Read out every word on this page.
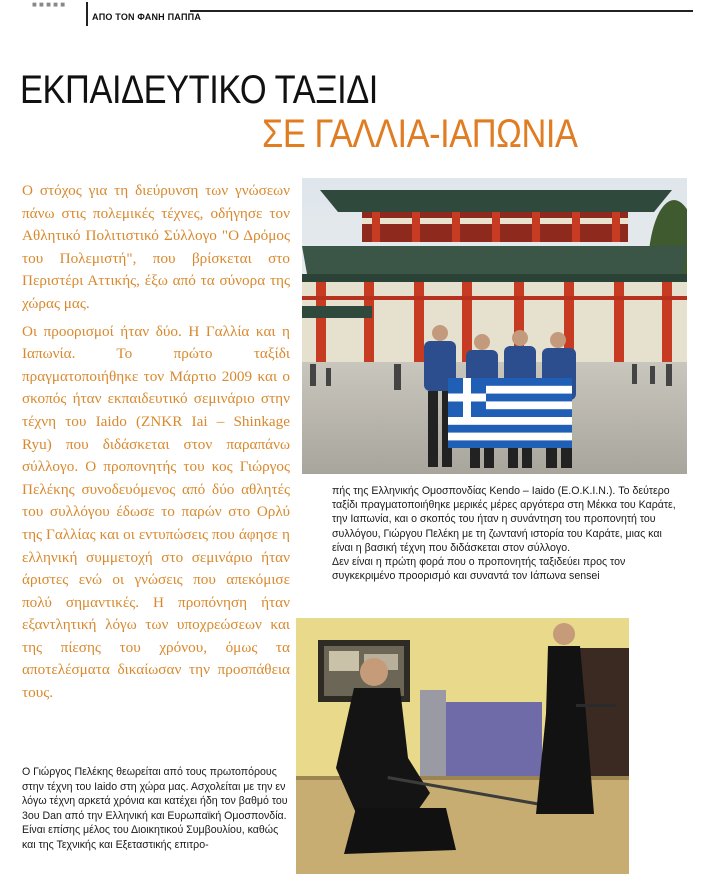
■ ■ ■ ■ ■
ΑΠΟ ΤΟΝ ΦΑΝΗ ΠΑΠΠΑ
ΕΚΠΑΙΔΕΥΤΙΚΟ ΤΑΞΙΔΙ
ΣΕ ΓΑΛΛΙΑ-ΙΑΠΩΝΙΑ

Ο στόχος για τη διεύρυνση των γνώσεων πάνω στις πολεμικές τέχνες, οδήγησε τον Αθλητικό Πολιτιστικό Σύλλογο "Ο Δρόμος του Πολεμιστή", που βρίσκεται στο Περιστέρι Αττικής, έξω από τα σύνορα της χώρας μας.

Οι προορισμοί ήταν δύο. Η Γαλλία και η Ιαπωνία. Το πρώτο ταξίδι πραγματοποιήθηκε τον Μάρτιο 2009 και ο σκοπός ήταν εκπαιδευτικό σεμινάριο στην τέχνη του Iaido (ZNKR Iai – Shinkage Ryu) που διδάσκεται στον παραπάνω σύλλογο. Ο προπονητής του κος Γιώργος Πελέκης συνοδευόμενος από δύο αθλητές του συλλόγου έδωσε το παρών στο Ορλύ της Γαλλίας και οι εντυπώσεις που άφησε η ελληνική συμμετοχή στο σεμινάριο ήταν άριστες ενώ οι γνώσεις που απεκόμισε πολύ σημαντικές. Η προπόνηση ήταν εξαντλητική λόγω των υποχρεώσεων και της πίεσης του χρόνου, όμως τα αποτελέσματα δικαίωσαν την προσπάθεια τους.

πής της Ελληνικής Ομοσπονδίας Kendo – Iaido (Ε.Ο.Κ.Ι.Ν.). Το δεύτερο ταξίδι πραγματοποιήθηκε μερικές μέρες αργότερα στη Μέκκα του Καράτε, την Ιαπωνία, και ο σκοπός του ήταν η συνάντηση του προπονητή του συλλόγου, Γιώργου Πελέκη με τη ζωντανή ιστορία του Καράτε, μιας και είναι η βασική τέχνη που διδάσκεται στον σύλλογο.

Δεν είναι η πρώτη φορά που ο προπονητής ταξιδεύει προς τον συγκεκριμένο προορισμό και συναντά τον Ιάπωνα sensei

Ο Γιώργος Πελέκης θεωρείται από τους πρωτοπόρους στην τέχνη του Iaido στη χώρα μας. Ασχολείται με την εν λόγω τέχνη αρκετά χρόνια και κατέχει ήδη τον βαθμό του 3ου Dan από την Ελληνική και Ευρωπαϊκή Ομοσπονδία. Είναι επίσης μέλος του Διοικητικού Συμβουλίου, καθώς και της Τεχνικής και Εξεταστικής επιτρο-
